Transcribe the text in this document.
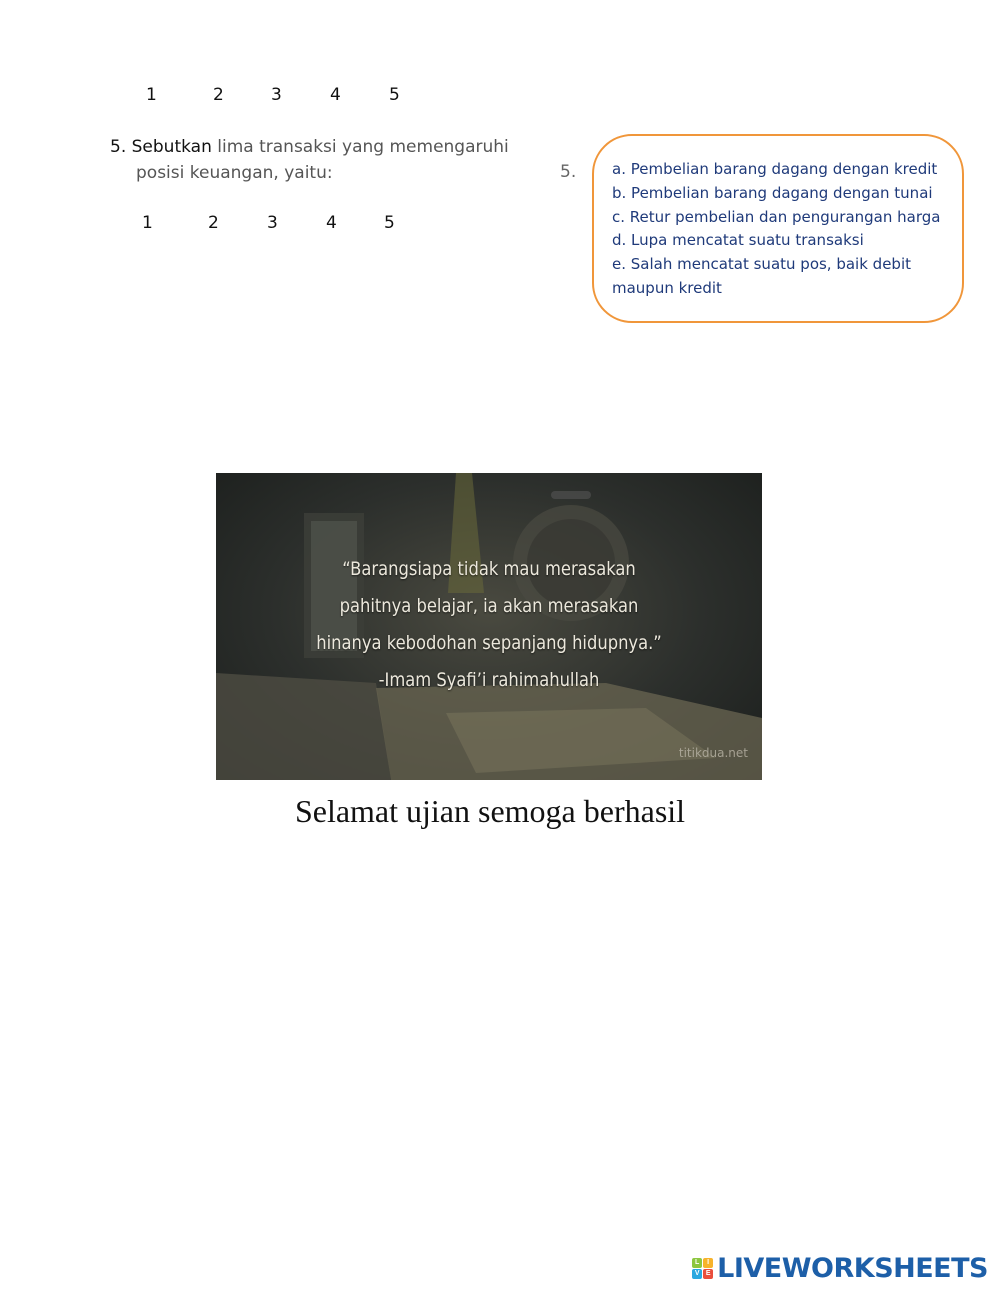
1	2	3	4	5
5. Sebutkan lima transaksi yang memengaruhi
posisi keuangan, yaitu:
1	2	3	4	5
5. a. Pembelian barang dagang dengan kredit
b. Pembelian barang dagang dengan tunai
c. Retur pembelian dan pengurangan harga
d. Lupa mencatat suatu transaksi
e. Salah mencatat suatu pos, baik debit
maupun kredit
“Barangsiapa tidak mau merasakan
pahitnya belajar, ia akan merasakan
hinanya kebodohan sepanjang hidupnya.”
-Imam Syafi’i rahimahullah
titikdua.net
Selamat ujian semoga berhasil
L	I
V E LIVEWORKSHEETS
